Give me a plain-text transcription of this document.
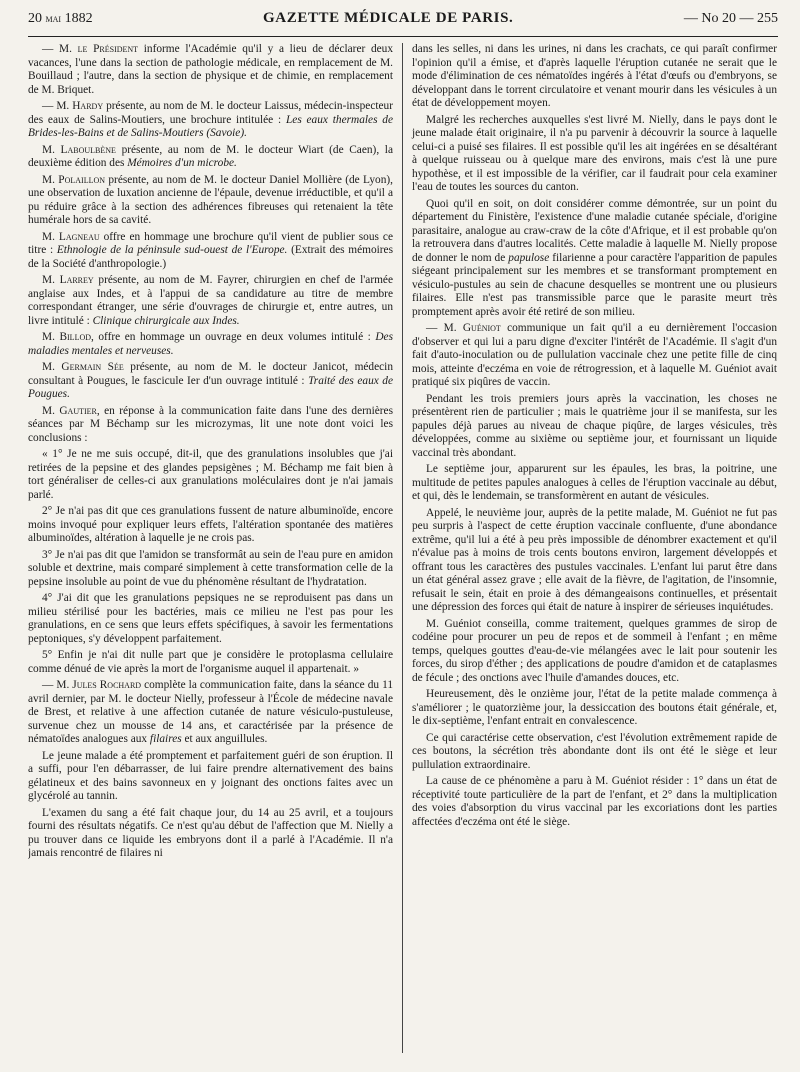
20 mai 1882	GAZETTE MÉDICALE DE PARIS.	— No 20 — 255

— M. le Président informe l'Académie qu'il y a lieu de déclarer deux vacances, l'une dans la section de pathologie médicale, en remplacement de M. Bouillaud ; l'autre, dans la section de physique et de chimie, en remplacement de M. Briquet.

— M. Hardy présente, au nom de M. le docteur Laissus, médecin-inspecteur des eaux de Salins-Moutiers, une brochure intitulée : Les eaux thermales de Brides-les-Bains et de Salins-Moutiers (Savoie).

M. Laboulbène présente, au nom de M. le docteur Wiart (de Caen), la deuxième édition des Mémoires d'un microbe.

M. Polaillon présente, au nom de M. le docteur Daniel Mollière (de Lyon), une observation de luxation ancienne de l'épaule, devenue irréductible, et qu'il a pu réduire grâce à la section des adhérences fibreuses qui retenaient la tête humérale hors de sa cavité.

M. Lagneau offre en hommage une brochure qu'il vient de publier sous ce titre : Ethnologie de la péninsule sud-ouest de l'Europe. (Extrait des mémoires de la Société d'anthropologie.)

M. Larrey présente, au nom de M. Fayrer, chirurgien en chef de l'armée anglaise aux Indes, et à l'appui de sa candidature au titre de membre correspondant étranger, une série d'ouvrages de chirurgie et, entre autres, un livre intitulé : Clinique chirurgicale aux Indes.

M. Billod, offre en hommage un ouvrage en deux volumes intitulé : Des maladies mentales et nerveuses.

M. Germain Sée présente, au nom de M. le docteur Janicot, médecin consultant à Pougues, le fascicule Ier d'un ouvrage intitulé : Traité des eaux de Pougues.

M. Gautier, en réponse à la communication faite dans l'une des dernières séances par M Béchamp sur les microzymas, lit une note dont voici les conclusions :

« 1° Je ne me suis occupé, dit-il, que des granulations insolubles que j'ai retirées de la pepsine et des glandes pepsigènes ; M. Béchamp me fait bien à tort généraliser de celles-ci aux granulations moléculaires dont je n'ai jamais parlé.

2° Je n'ai pas dit que ces granulations fussent de nature albuminoïde, encore moins invoqué pour expliquer leurs effets, l'altération spontanée des matières albuminoïdes, altération à laquelle je ne crois pas.

3° Je n'ai pas dit que l'amidon se transformât au sein de l'eau pure en amidon soluble et dextrine, mais comparé simplement à cette transformation celle de la pepsine insoluble au point de vue du phénomène résultant de l'hydratation.

4° J'ai dit que les granulations pepsiques ne se reproduisent pas dans un milieu stérilisé pour les bactéries, mais ce milieu ne l'est pas pour les granulations, en ce sens que leurs effets spécifiques, à savoir les fermentations peptoniques, s'y développent parfaitement.

5° Enfin je n'ai dit nulle part que je considère le protoplasma cellulaire comme dénué de vie après la mort de l'organisme auquel il appartenait. »

— M. Jules Rochard complète la communication faite, dans la séance du 11 avril dernier, par M. le docteur Nielly, professeur à l'École de médecine navale de Brest, et relative à une affection cutanée de nature vésiculo-pustuleuse, survenue chez un mousse de 14 ans, et caractérisée par la présence de nématoïdes analogues aux filaires et aux anguillules.

Le jeune malade a été promptement et parfaitement guéri de son éruption. Il a suffi, pour l'en débarrasser, de lui faire prendre alternativement des bains gélatineux et des bains savonneux en y joignant des onctions faites avec un glycérolé au tannin.

L'examen du sang a été fait chaque jour, du 14 au 25 avril, et a toujours fourni des résultats négatifs. Ce n'est qu'au début de l'affection que M. Nielly a pu trouver dans ce liquide les embryons dont il a parlé à l'Académie. Il n'a jamais rencontré de filaires ni

dans les selles, ni dans les urines, ni dans les crachats, ce qui paraît confirmer l'opinion qu'il a émise, et d'après laquelle l'éruption cutanée ne serait que le mode d'élimination de ces nématoïdes ingérés à l'état d'œufs ou d'embryons, se développant dans le torrent circulatoire et venant mourir dans les vésicules à un état de développement moyen.

Malgré les recherches auxquelles s'est livré M. Nielly, dans le pays dont le jeune malade était originaire, il n'a pu parvenir à découvrir la source à laquelle celui-ci a puisé ses filaires. Il est possible qu'il les ait ingérées en se désaltérant à quelque ruisseau ou à quelque mare des environs, mais c'est là une pure hypothèse, et il est impossible de la vérifier, car il faudrait pour cela examiner l'eau de toutes les sources du canton.

Quoi qu'il en soit, on doit considérer comme démontrée, sur un point du département du Finistère, l'existence d'une maladie cutanée spéciale, d'origine parasitaire, analogue au craw-craw de la côte d'Afrique, et il est probable qu'on la retrouvera dans d'autres localités. Cette maladie à laquelle M. Nielly propose de donner le nom de papulose filarienne a pour caractère l'apparition de papules siégeant principalement sur les membres et se transformant promptement en vésiculo-pustules au sein de chacune desquelles se montrent une ou plusieurs filaires. Elle n'est pas transmissible parce que le parasite meurt très promptement après avoir été retiré de son milieu.

— M. Guéniot communique un fait qu'il a eu dernièrement l'occasion d'observer et qui lui a paru digne d'exciter l'intérêt de l'Académie. Il s'agit d'un fait d'auto-inoculation ou de pullulation vaccinale chez une petite fille de cinq mois, atteinte d'eczéma en voie de rétrogression, et à laquelle M. Guéniot avait pratiqué six piqûres de vaccin.

Pendant les trois premiers jours après la vaccination, les choses ne présentèrent rien de particulier ; mais le quatrième jour il se manifesta, sur les papules déjà parues au niveau de chaque piqûre, de larges vésicules, très développées, comme au sixième ou septième jour, et fournissant un liquide vaccinal très abondant.

Le septième jour, apparurent sur les épaules, les bras, la poitrine, une multitude de petites papules analogues à celles de l'éruption vaccinale au début, et qui, dès le lendemain, se transformèrent en autant de vésicules.

Appelé, le neuvième jour, auprès de la petite malade, M. Guéniot ne fut pas peu surpris à l'aspect de cette éruption vaccinale confluente, d'une abondance extrême, qu'il lui a été à peu près impossible de dénombrer exactement et qu'il n'évalue pas à moins de trois cents boutons environ, largement développés et offrant tous les caractères des pustules vaccinales. L'enfant lui parut être dans un état général assez grave ; elle avait de la fièvre, de l'agitation, de l'insomnie, refusait le sein, était en proie à des démangeaisons continuelles, et présentait une dépression des forces qui était de nature à inspirer de sérieuses inquiétudes.

M. Guéniot conseilla, comme traitement, quelques grammes de sirop de codéine pour procurer un peu de repos et de sommeil à l'enfant ; en même temps, quelques gouttes d'eau-de-vie mélangées avec le lait pour soutenir les forces, du sirop d'éther ; des applications de poudre d'amidon et de cataplasmes de fécule ; des onctions avec l'huile d'amandes douces, etc.

Heureusement, dès le onzième jour, l'état de la petite malade commença à s'améliorer ; le quatorzième jour, la dessiccation des boutons était générale, et, le dix-septième, l'enfant entrait en convalescence.

Ce qui caractérise cette observation, c'est l'évolution extrêmement rapide de ces boutons, la sécrétion très abondante dont ils ont été le siège et leur pullulation extraordinaire.

La cause de ce phénomène a paru à M. Guéniot résider : 1° dans un état de réceptivité toute particulière de la part de l'enfant, et 2° dans la multiplication des voies d'absorption du virus vaccinal par les excoriations dont les parties affectées d'eczéma ont été le siège.
